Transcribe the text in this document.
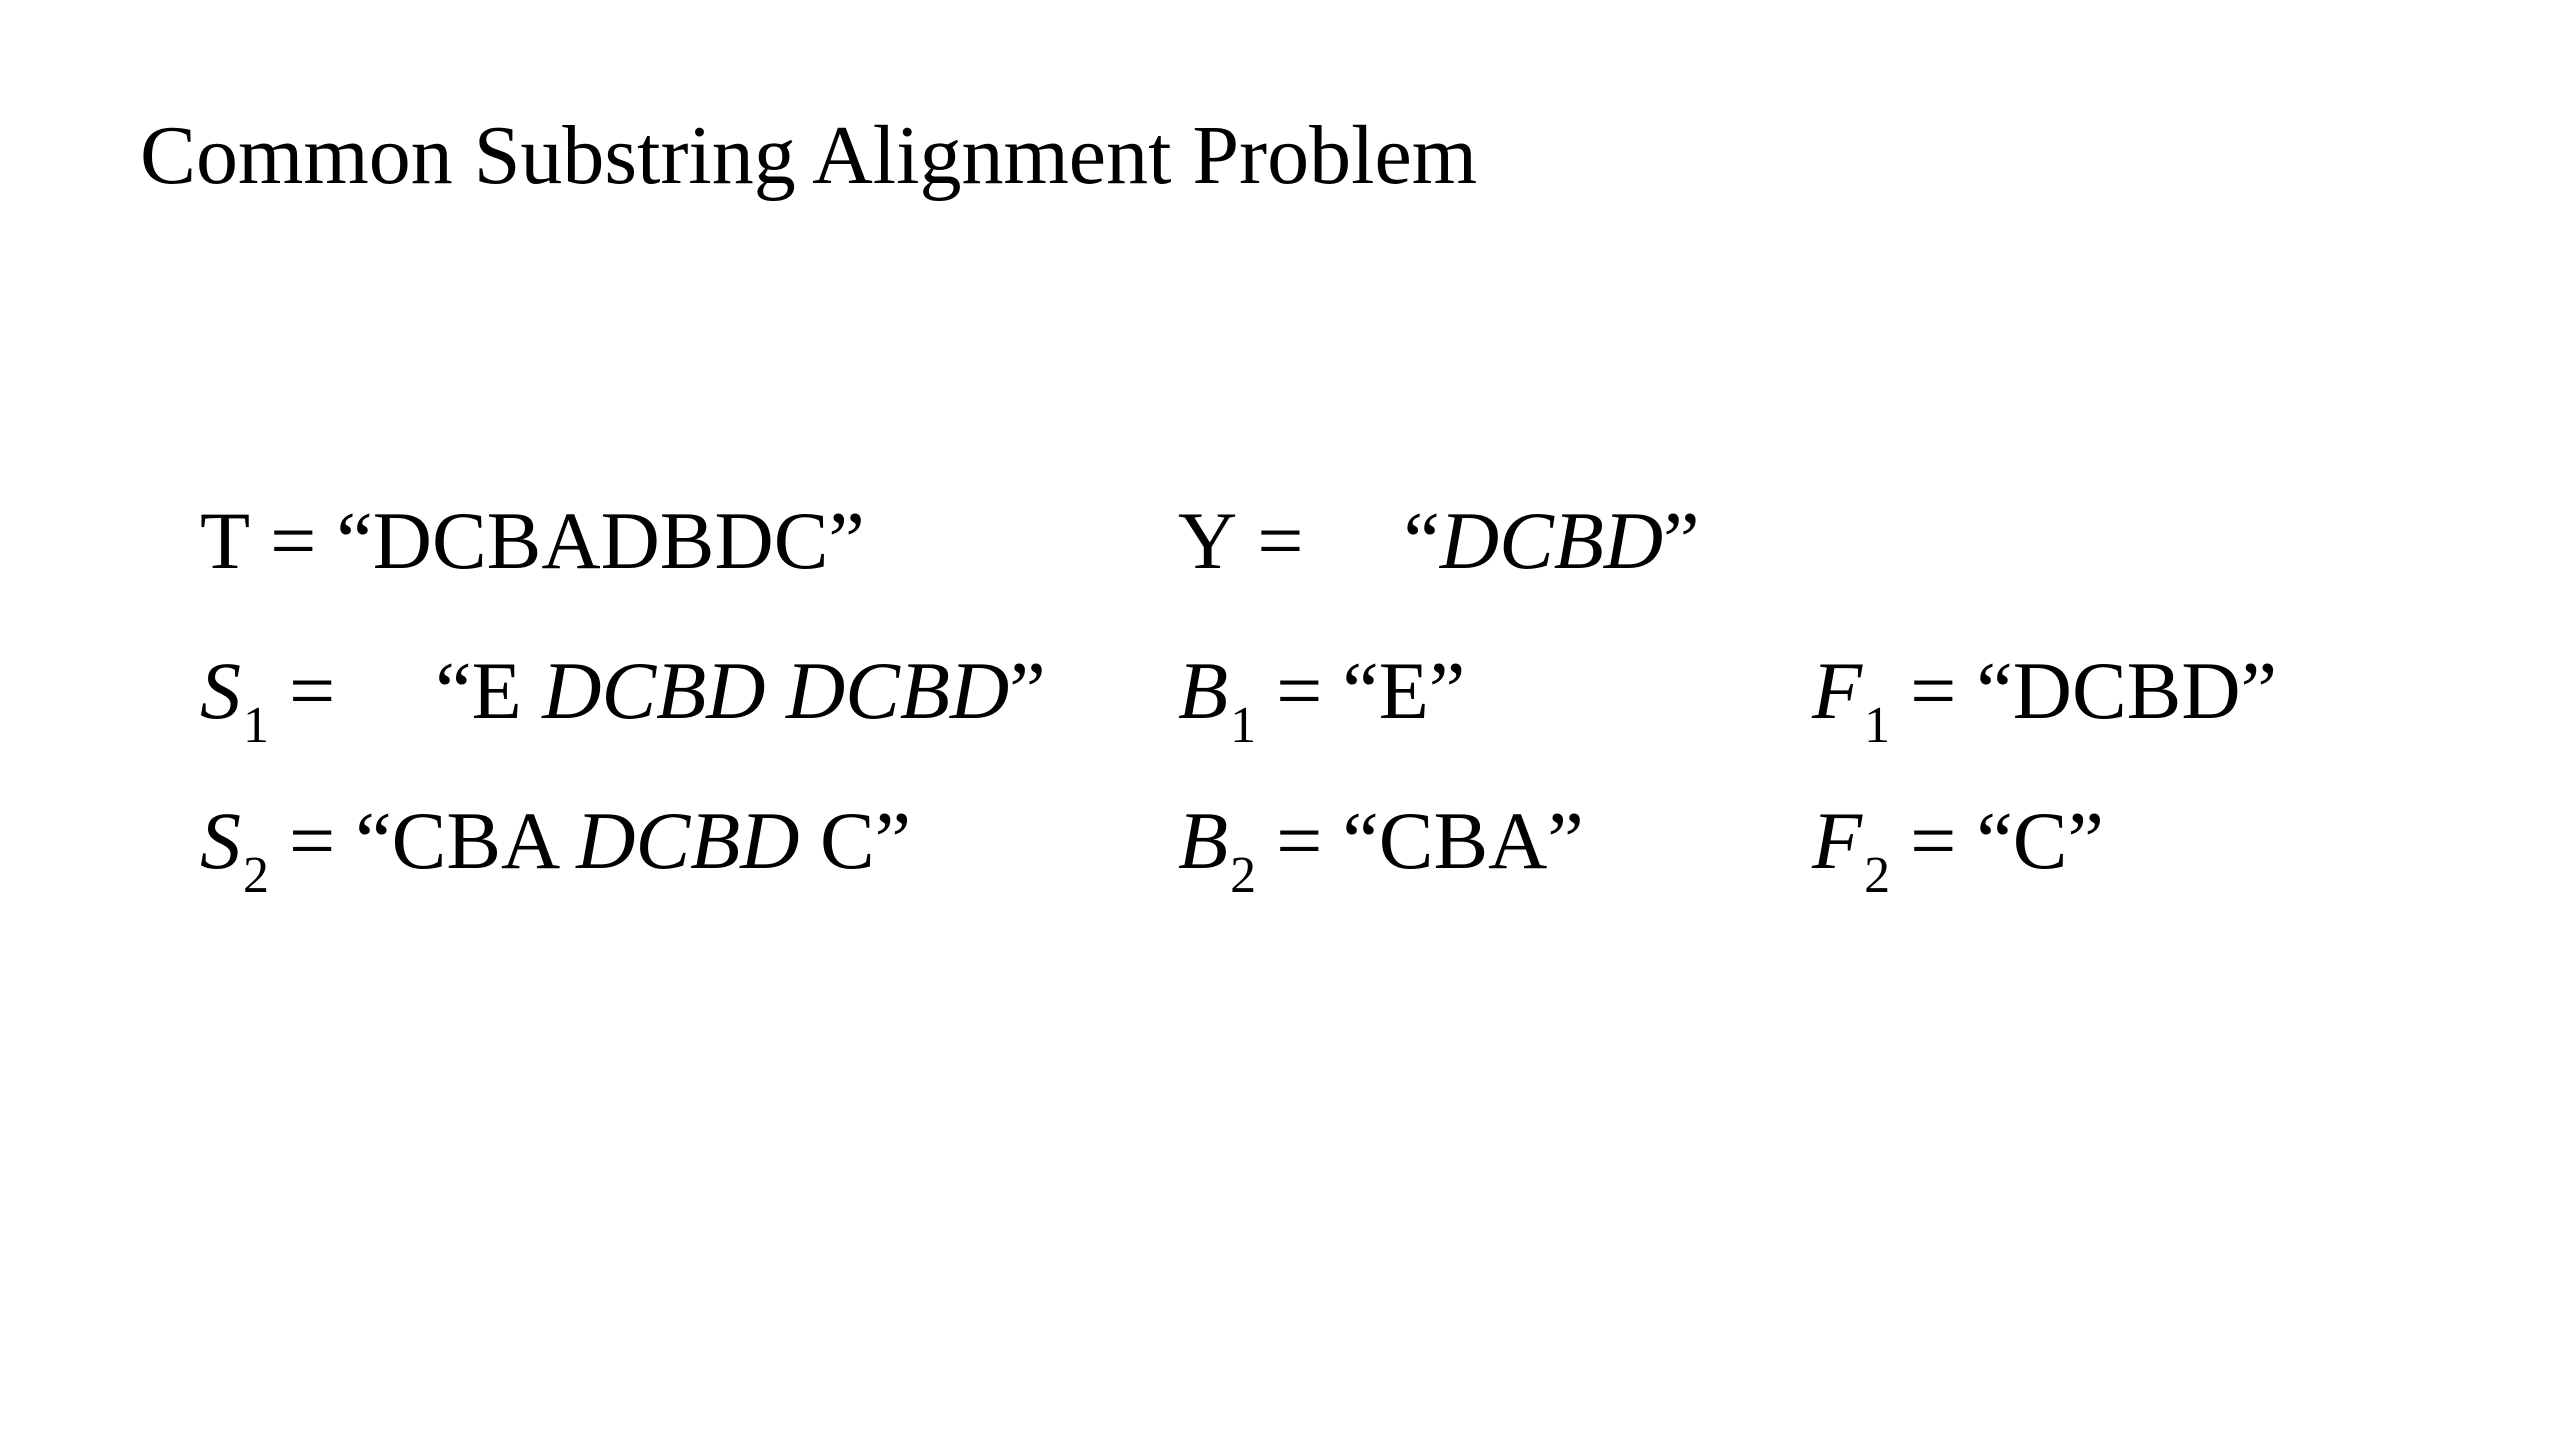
Common Substring Alignment Problem
T = “DCBADBDC”	Y = “DCBD”
$S_1$ = “E DCBD DCBD” $B_1$ = “E”	$F_1$ = “DCBD”
$S_2$ = “CBA DCBD C”	$B_2$ = “CBA”	$F_2$ = “C”
